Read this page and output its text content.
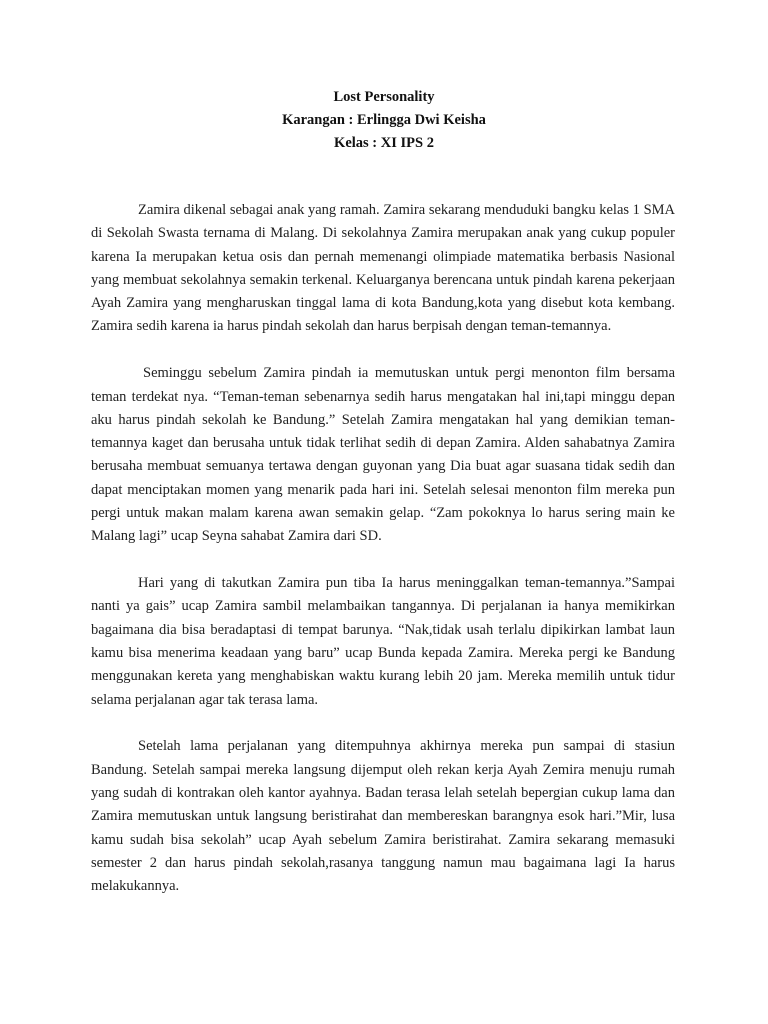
Lost Personality
Karangan : Erlingga Dwi Keisha
Kelas : XI IPS 2

Zamira dikenal sebagai anak yang ramah. Zamira sekarang menduduki bangku kelas 1 SMA di Sekolah Swasta ternama di Malang. Di sekolahnya Zamira merupakan anak yang cukup populer karena Ia merupakan ketua osis dan pernah memenangi olimpiade matematika berbasis Nasional yang membuat sekolahnya semakin terkenal. Keluarganya berencana untuk pindah karena pekerjaan Ayah Zamira yang mengharuskan tinggal lama di kota Bandung,kota yang disebut kota kembang. Zamira sedih karena ia harus pindah sekolah dan harus berpisah dengan teman-temannya.

Seminggu sebelum Zamira pindah ia memutuskan untuk pergi menonton film bersama teman terdekat nya. “Teman-teman sebenarnya sedih harus mengatakan hal ini,tapi minggu depan aku harus pindah sekolah ke Bandung.” Setelah Zamira mengatakan hal yang demikian teman-temannya kaget dan berusaha untuk tidak terlihat sedih di depan Zamira. Alden sahabatnya Zamira berusaha membuat semuanya tertawa dengan guyonan yang Dia buat agar suasana tidak sedih dan dapat menciptakan momen yang menarik pada hari ini. Setelah selesai menonton film mereka pun pergi untuk makan malam karena awan semakin gelap. “Zam pokoknya lo harus sering main ke Malang lagi” ucap Seyna sahabat Zamira dari SD.

Hari yang di takutkan Zamira pun tiba Ia harus meninggalkan teman-temannya.”Sampai nanti ya gais” ucap Zamira sambil melambaikan tangannya. Di perjalanan ia hanya memikirkan bagaimana dia bisa beradaptasi di tempat barunya. “Nak,tidak usah terlalu dipikirkan lambat laun kamu bisa menerima keadaan yang baru” ucap Bunda kepada Zamira. Mereka pergi ke Bandung menggunakan kereta yang menghabiskan waktu kurang lebih 20 jam. Mereka memilih untuk tidur selama perjalanan agar tak terasa lama.

Setelah lama perjalanan yang ditempuhnya akhirnya mereka pun sampai di stasiun Bandung. Setelah sampai mereka langsung dijemput oleh rekan kerja Ayah Zemira menuju rumah yang sudah di kontrakan oleh kantor ayahnya. Badan terasa lelah setelah bepergian cukup lama dan Zamira memutuskan untuk langsung beristirahat dan membereskan barangnya esok hari.”Mir, lusa kamu sudah bisa sekolah” ucap Ayah sebelum Zamira beristirahat. Zamira sekarang memasuki semester 2 dan harus pindah sekolah,rasanya tanggung namun mau bagaimana lagi Ia harus melakukannya.
